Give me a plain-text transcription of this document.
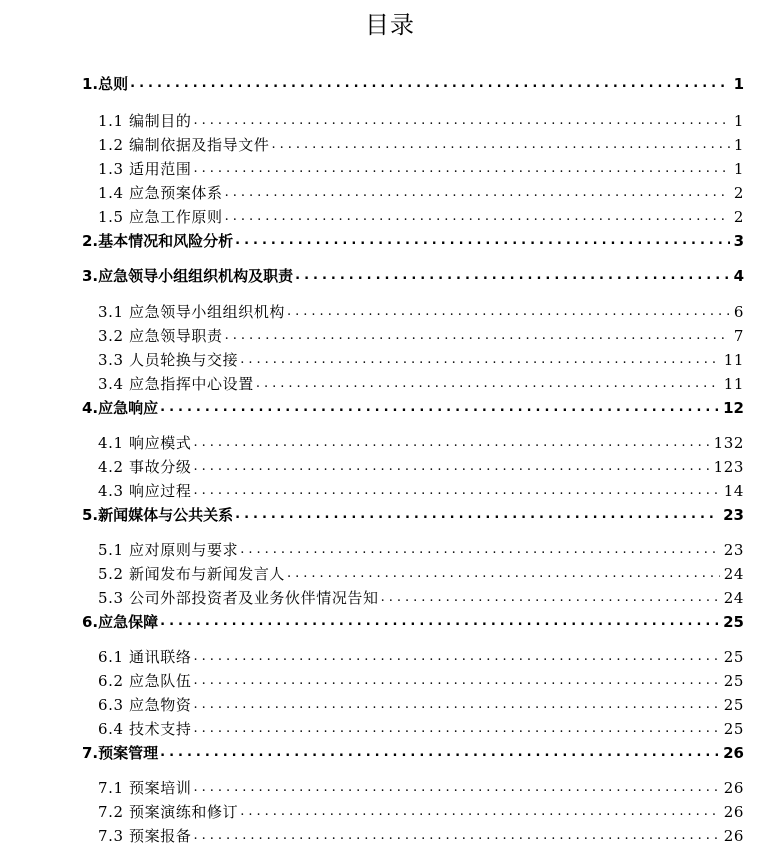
目录
1.总则 .....	1
1.1 编制目的 .....	1
1.2 编制依据及指导文件 .....	1
1.3 适用范围 .....	1
1.4 应急预案体系 .....	2
1.5 应急工作原则 .....	2
2.基本情况和风险分析 .....	3
3.应急领导小组组织机构及职责 .....	4
3.1 应急领导小组组织机构 .....	6
3.2 应急领导职责 .....	7
3.3 人员轮换与交接 .....	11
3.4 应急指挥中心设置 .....	11
4.应急响应 .....	12
4.1 响应模式 .....	132
4.2 事故分级 .....	123
4.3 响应过程 .....	14
5.新闻媒体与公共关系 .....	23
5.1 应对原则与要求 .....	23
5.2 新闻发布与新闻发言人 .....	24
5.3 公司外部投资者及业务伙伴情况告知 .....	24
6.应急保障 .....	25
6.1 通讯联络 .....	25
6.2 应急队伍 .....	25
6.3 应急物资 .....	25
6.4 技术支持 .....	25
7.预案管理 .....	26
7.1 预案培训 .....	26
7.2 预案演练和修订 .....	26
7.3 预案报备 .....	26
